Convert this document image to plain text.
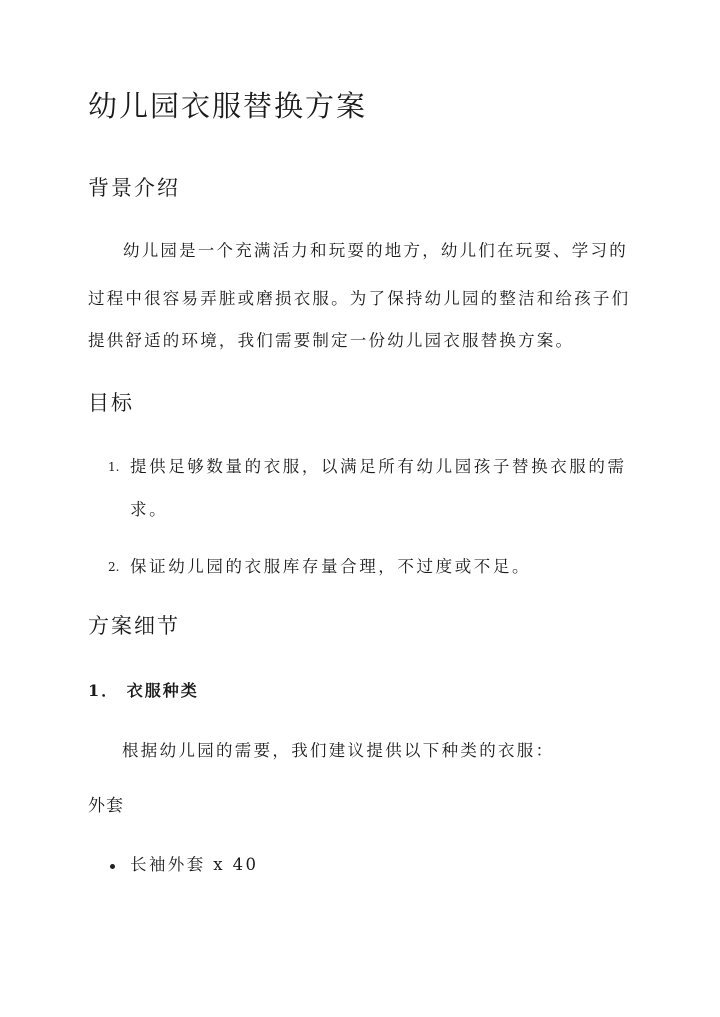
幼儿园衣服替换方案
背景介绍
幼儿园是一个充满活力和玩耍的地方，幼儿们在玩耍、学习的
过程中很容易弄脏或磨损衣服。为了保持幼儿园的整洁和给孩子们
提供舒适的环境，我们需要制定一份幼儿园衣服替换方案。
目标
1. 提供足够数量的衣服，以满足所有幼儿园孩子替换衣服的需
求。
2. 保证幼儿园的衣服库存量合理，不过度或不足。
方案细节
1． 衣服种类
根据幼儿园的需要，我们建议提供以下种类的衣服：
外套
长袖外套 x 40
